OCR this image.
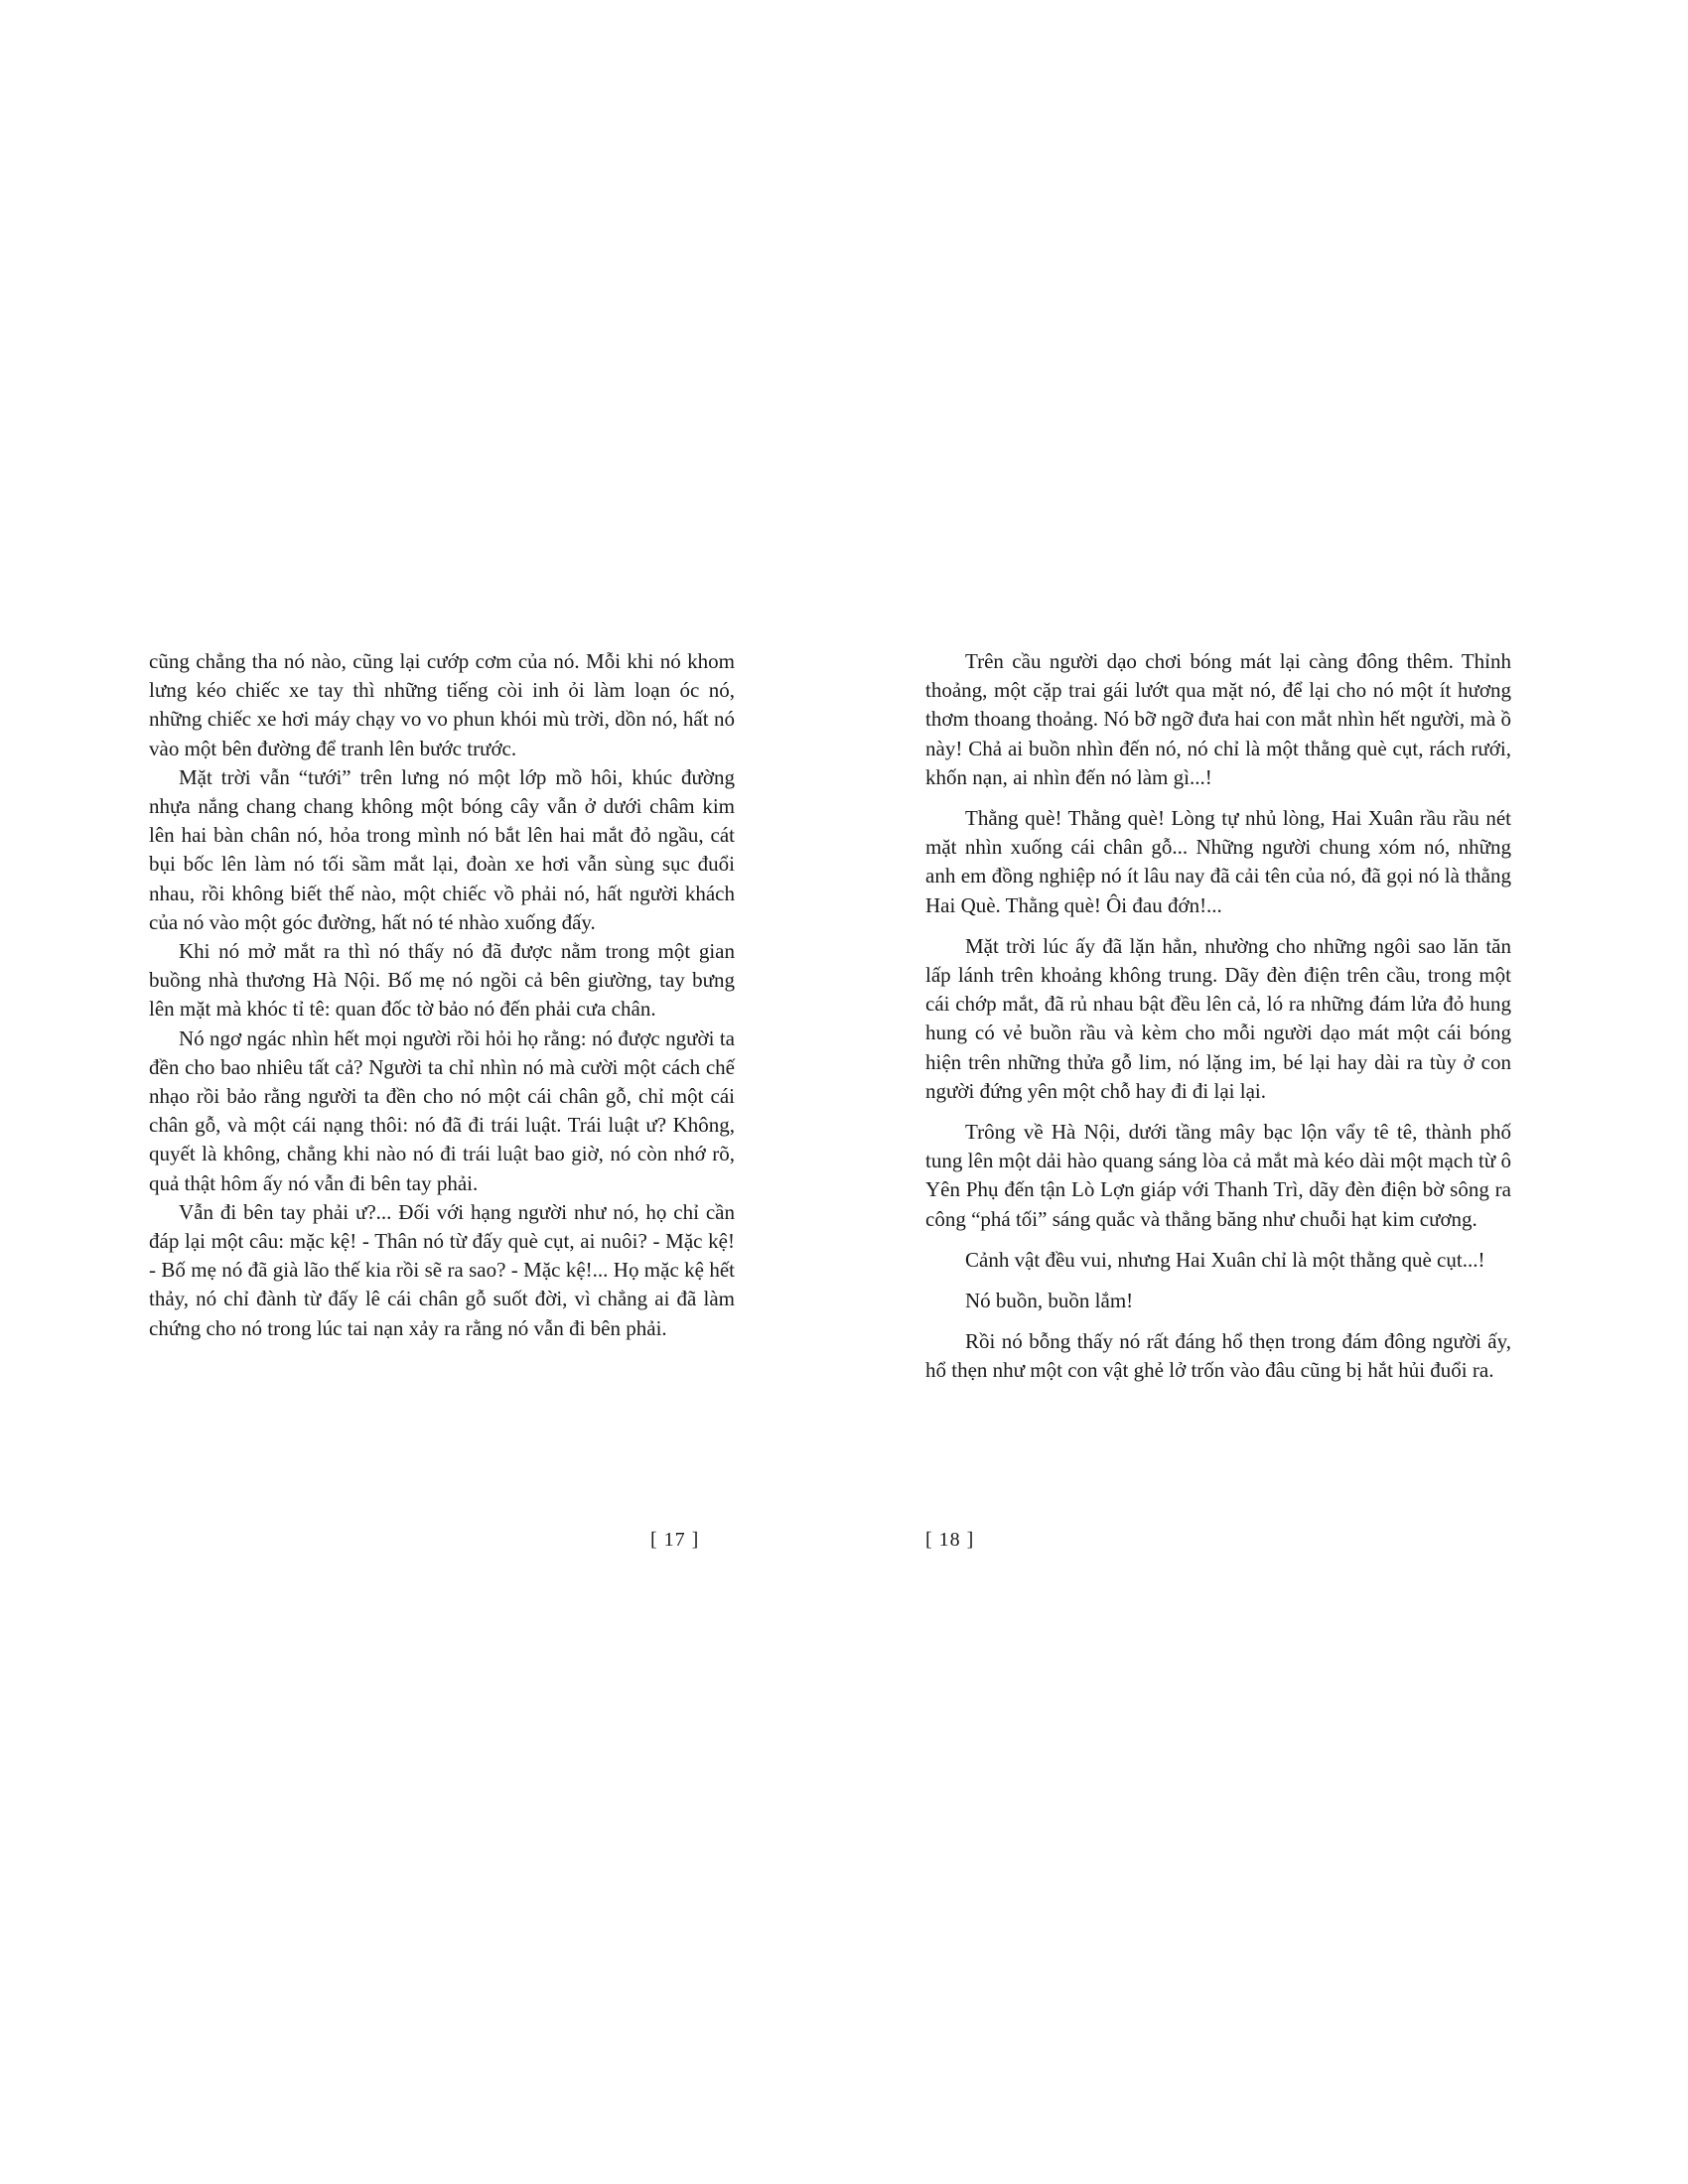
cũng chẳng tha nó nào, cũng lại cướp cơm của nó. Mỗi khi nó khom lưng kéo chiếc xe tay thì những tiếng còi inh ỏi làm loạn óc nó, những chiếc xe hơi máy chạy vo vo phun khói mù trời, dồn nó, hất nó vào một bên đường để tranh lên bước trước.

Mặt trời vẫn “tưới” trên lưng nó một lớp mồ hôi, khúc đường nhựa nắng chang chang không một bóng cây vẫn ở dưới châm kim lên hai bàn chân nó, hỏa trong mình nó bắt lên hai mắt đỏ ngầu, cát bụi bốc lên làm nó tối sầm mắt lại, đoàn xe hơi vẫn sùng sục đuổi nhau, rồi không biết thế nào, một chiếc vồ phải nó, hất người khách của nó vào một góc đường, hất nó té nhào xuống đấy.

Khi nó mở mắt ra thì nó thấy nó đã được nằm trong một gian buồng nhà thương Hà Nội. Bố mẹ nó ngồi cả bên giường, tay bưng lên mặt mà khóc tỉ tê: quan đốc tờ bảo nó đến phải cưa chân.

Nó ngơ ngác nhìn hết mọi người rồi hỏi họ rằng: nó được người ta đền cho bao nhiêu tất cả? Người ta chỉ nhìn nó mà cười một cách chế nhạo rồi bảo rằng người ta đền cho nó một cái chân gỗ, chỉ một cái chân gỗ, và một cái nạng thôi: nó đã đi trái luật. Trái luật ư? Không, quyết là không, chẳng khi nào nó đi trái luật bao giờ, nó còn nhớ rõ, quả thật hôm ấy nó vẫn đi bên tay phải.

Vẫn đi bên tay phải ư?... Đối với hạng người như nó, họ chỉ cần đáp lại một câu: mặc kệ! - Thân nó từ đấy què cụt, ai nuôi? - Mặc kệ! - Bố mẹ nó đã già lão thế kia rồi sẽ ra sao? - Mặc kệ!... Họ mặc kệ hết thảy, nó chỉ đành từ đấy lê cái chân gỗ suốt đời, vì chẳng ai đã làm chứng cho nó trong lúc tai nạn xảy ra rằng nó vẫn đi bên phải.

Trên cầu người dạo chơi bóng mát lại càng đông thêm. Thỉnh thoảng, một cặp trai gái lướt qua mặt nó, để lại cho nó một ít hương thơm thoang thoảng. Nó bỡ ngỡ đưa hai con mắt nhìn hết người, mà ồ này! Chả ai buồn nhìn đến nó, nó chỉ là một thằng què cụt, rách rưới, khốn nạn, ai nhìn đến nó làm gì...!

Thằng què! Thằng què! Lòng tự nhủ lòng, Hai Xuân rầu rầu nét mặt nhìn xuống cái chân gỗ... Những người chung xóm nó, những anh em đồng nghiệp nó ít lâu nay đã cải tên của nó, đã gọi nó là thằng Hai Què. Thằng què! Ôi đau đớn!...

Mặt trời lúc ấy đã lặn hẳn, nhường cho những ngôi sao lăn tăn lấp lánh trên khoảng không trung. Dãy đèn điện trên cầu, trong một cái chớp mắt, đã rủ nhau bật đều lên cả, ló ra những đám lửa đỏ hung hung có vẻ buồn rầu và kèm cho mỗi người dạo mát một cái bóng hiện trên những thửa gỗ lim, nó lặng im, bé lại hay dài ra tùy ở con người đứng yên một chỗ hay đi đi lại lại.

Trông về Hà Nội, dưới tầng mây bạc lộn vẩy tê tê, thành phố tung lên một dải hào quang sáng lòa cả mắt mà kéo dài một mạch từ ô Yên Phụ đến tận Lò Lợn giáp với Thanh Trì, dãy đèn điện bờ sông ra công “phá tối” sáng quắc và thẳng băng như chuỗi hạt kim cương.

Cảnh vật đều vui, nhưng Hai Xuân chỉ là một thằng què cụt...!

Nó buồn, buồn lắm!

Rồi nó bỗng thấy nó rất đáng hổ thẹn trong đám đông người ấy, hổ thẹn như một con vật ghẻ lở trốn vào đâu cũng bị hắt hủi đuổi ra.

[ 17 ]	[ 18 ]
